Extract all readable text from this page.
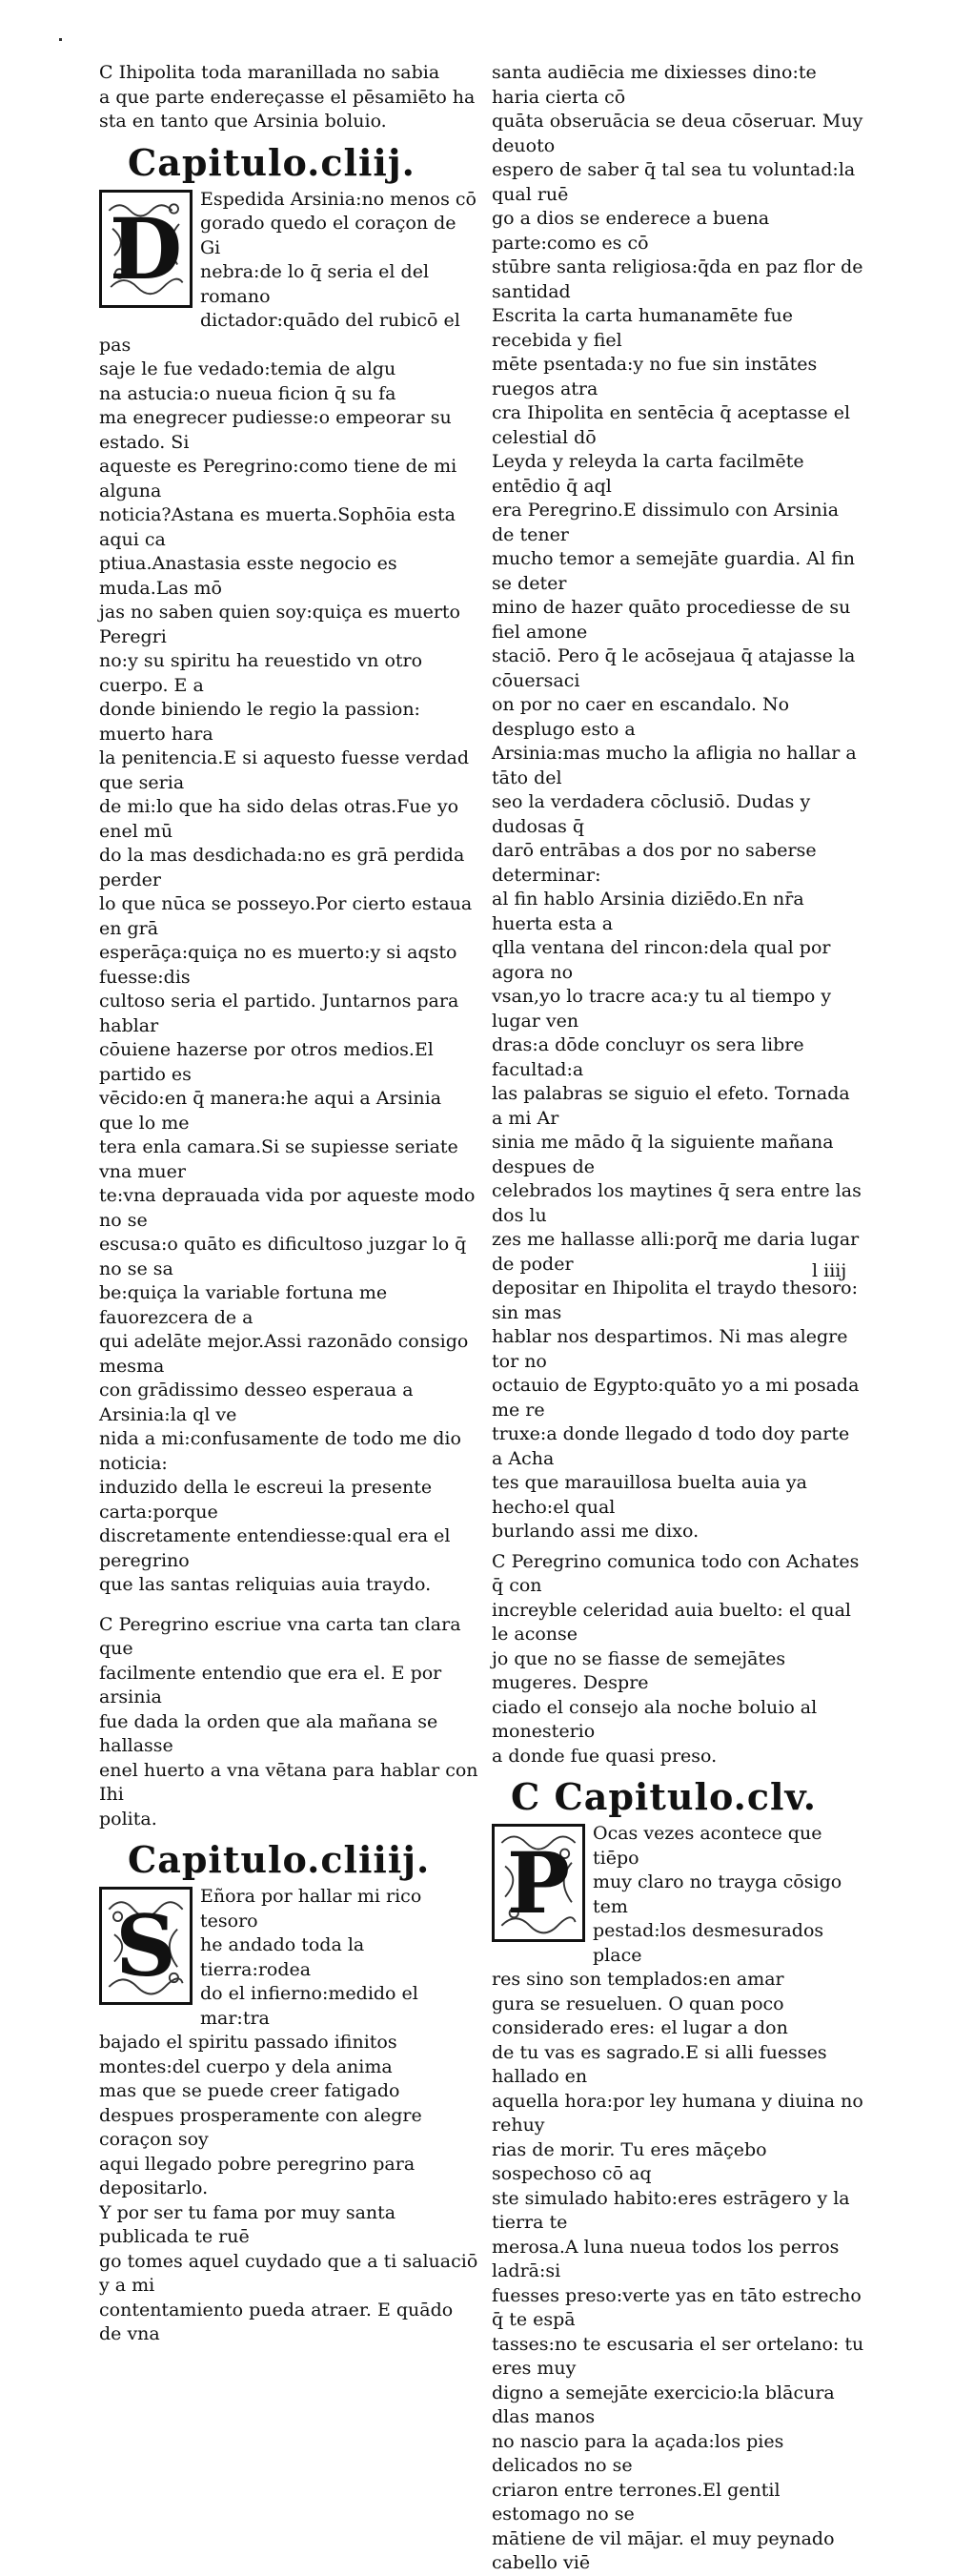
Ⅽ Ihipolita toda maranillada no sabia
a que parte endereçasse el pēsamiēto ha
sta en tanto que Arsinia boluio.

Capitulo.cliij.
D Espedida Arsinia:no menos cō
gorado quedo el coraçon de Gi
nebra:de lo q̄ seria el del romano
dictador:quādo del rubicō el pas
saje le fue vedado:temia de algu
na astucia:o nueua ficion q̄ su fa
ma enegrecer pudiesse:o empeorar su estado. Si
aqueste es Peregrino:como tiene de mi alguna
noticia?Astana es muerta.Sophōia esta aqui ca
ptiua.Anastasia esste negocio es muda.Las mō
jas no saben quien soy:quiça es muerto Peregri
no:y su spiritu ha reuestido vn otro cuerpo. E a
donde biniendo le regio la passion: muerto hara
la penitencia.E si aquesto fuesse verdad que seria
de mi:lo que ha sido delas otras.Fue yo enel mū
do la mas desdichada:no es grā perdida perder
lo que nūca se posseyo.Por cierto estaua en grā
esperāça:quiça no es muerto:y si aqsto fuesse:dis
cultoso seria el partido. Juntarnos para hablar
cōuiene hazerse por otros medios.El partido es
vēcido:en q̄ manera:he aqui a Arsinia que lo me
tera enla camara.Si se supiesse seriate vna muer
te:vna deprauada vida por aqueste modo no se
escusa:o quāto es dificultoso juzgar lo q̄ no se sa
be:quiça la variable fortuna me fauorezcera de a
qui adelāte mejor.Assi razonādo consigo mesma
con grādissimo desseo esperaua a Arsinia:la ql ve
nida a mi:confusamente de todo me dio noticia:
induzido della le escreui la presente carta:porque
discretamente entendiesse:qual era el peregrino
que las santas reliquias auia traydo.

Ⅽ Peregrino escriue vna carta tan clara que
facilmente entendio que era el. E por arsinia
fue dada la orden que ala mañana se hallasse
enel huerto a vna vētana para hablar con Ihi
polita.

Capitulo.cliiij.
S	Eñora por hallar mi rico tesoro
he andado toda la tierra:rodea
do el infierno:medido el mar:tra
bajado el spiritu passado ifinitos
montes:del cuerpo y dela anima
mas que se puede creer fatigado
despues prosperamente con alegre coraçon soy
aqui llegado pobre peregrino para depositarlo.
Y por ser tu fama por muy santa publicada te ruē
go tomes aquel cuydado que a ti saluaciō y a mi
contentamiento pueda atraer. E quādo de vna

santa audiēcia me dixiesses dino:te haria cierta cō
quāta obseruācia se deua cōseruar. Muy deuoto
espero de saber q̄ tal sea tu voluntad:la qual ruē
go a dios se enderece a buena parte:como es cō
stūbre santa religiosa:q̄da en paz flor de santidad
Escrita la carta humanamēte fue recebida y fiel
mēte psentada:y no fue sin instātes ruegos atra
cra Ihipolita en sentēcia q̄ aceptasse el celestial dō
Leyda y releyda la carta facilmēte entēdio q̄ aql
era Peregrino.E dissimulo con Arsinia de tener
mucho temor a semejāte guardia. Al fin se deter
mino de hazer quāto procediesse de su fiel amone
staciō. Pero q̄ le acōsejaua q̄ atajasse la cōuersaci
on por no caer en escandalo. No desplugo esto a
Arsinia:mas mucho la afligia no hallar a tāto del
seo la verdadera cōclusiō. Dudas y dudosas q̄
darō entrābas a dos por no saberse determinar:
al fin hablo Arsinia diziēdo.En nr̄a huerta esta a
qlla ventana del rincon:dela qual por agora no
vsan,yo lo tracre aca:y tu al tiempo y lugar ven
dras:a dōde concluyr os sera libre facultad:a
las palabras se siguio el efeto. Tornada a mi Ar
sinia me mādo q̄ la siguiente mañana despues de
celebrados los maytines q̄ sera entre las dos lu
zes me hallasse alli:porq̄ me daria lugar de poder
depositar en Ihipolita el traydo thesoro: sin mas
hablar nos despartimos. Ni mas alegre tor no
octauio de Egypto:quāto yo a mi posada me re
truxe:a donde llegado d todo doy parte a Acha
tes que marauillosa buelta auia ya hecho:el qual
burlando assi me dixo.

Ⅽ Peregrino comunica todo con Achates q̄ con
increyble celeridad auia buelto: el qual le aconse
jo que no se fiasse de semejātes mugeres. Despre
ciado el consejo ala noche boluio al monesterio
a donde fue quasi preso.

Ⅽ Capitulo.clv.
P	Ocas vezes acontece que tiēpo
muy claro no trayga cōsigo tem
pestad:los desmesurados place
res sino son templados:en amar
gura se resueluen. O quan poco
considerado eres: el lugar a don
de tu vas es sagrado.E si alli fuesses hallado en
aquella hora:por ley humana y diuina no rehuy
rias de morir. Tu eres māçebo sospechoso cō aq
ste simulado habito:eres estrāgero y la tierra te
merosa.A luna nueua todos los perros ladrā:si
fuesses preso:verte yas en tāto estrecho q̄ te espā
tasses:no te escusaria el ser ortelano: tu eres muy
digno a semejāte exercicio:la blācura dlas manos
no nascio para la açada:los pies delicados no se
criaron entre terrones.El gentil estomago no se
mātiene de vil mājar. el muy peynado cabello viē

l iiij
